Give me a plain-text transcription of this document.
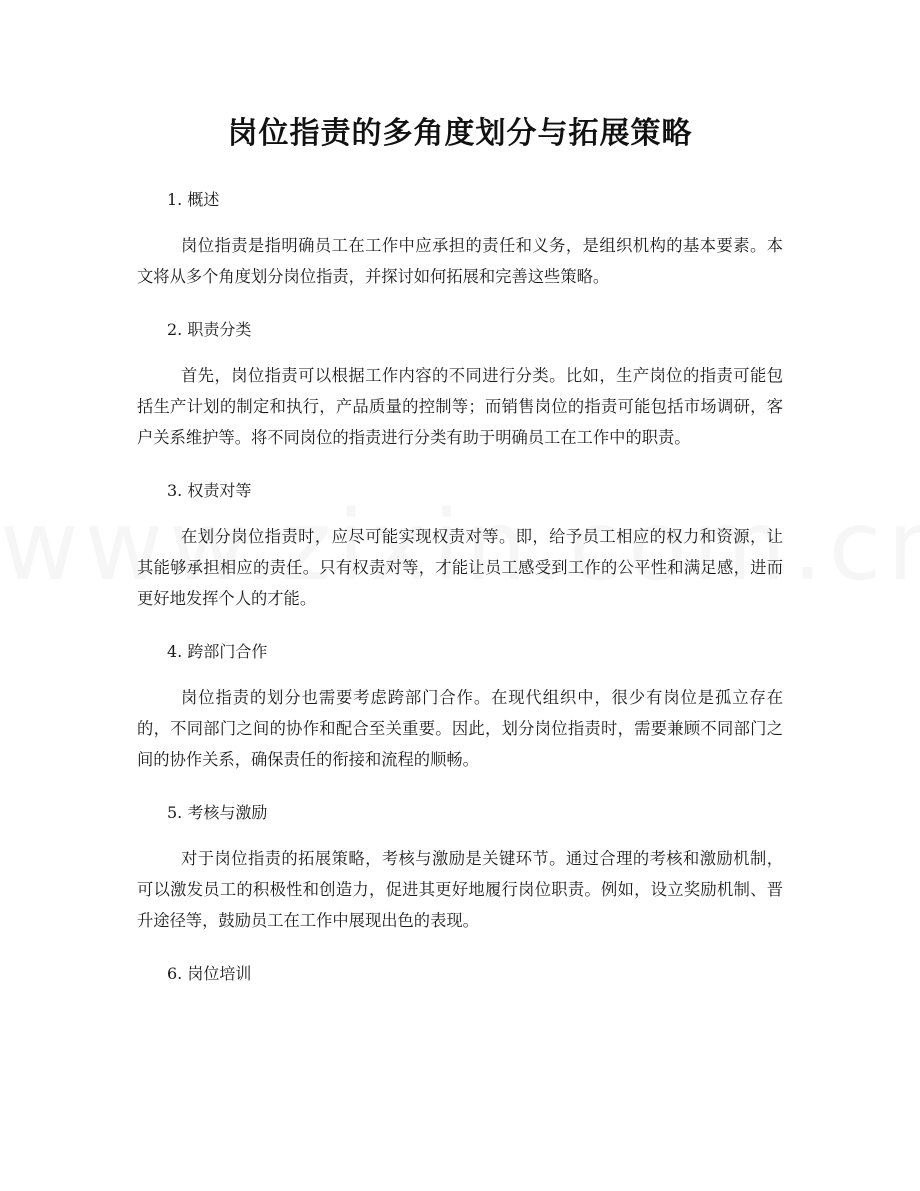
岗位指责的多角度划分与拓展策略
1. 概述

岗位指责是指明确员工在工作中应承担的责任和义务，是组织机构的基本要素。本文将从多个角度划分岗位指责，并探讨如何拓展和完善这些策略。

2. 职责分类

首先，岗位指责可以根据工作内容的不同进行分类。比如，生产岗位的指责可能包括生产计划的制定和执行，产品质量的控制等；而销售岗位的指责可能包括市场调研，客户关系维护等。将不同岗位的指责进行分类有助于明确员工在工作中的职责。

3. 权责对等

在划分岗位指责时，应尽可能实现权责对等。即，给予员工相应的权力和资源，让其能够承担相应的责任。只有权责对等，才能让员工感受到工作的公平性和满足感，进而更好地发挥个人的才能。

4. 跨部门合作

岗位指责的划分也需要考虑跨部门合作。在现代组织中，很少有岗位是孤立存在的，不同部门之间的协作和配合至关重要。因此，划分岗位指责时，需要兼顾不同部门之间的协作关系，确保责任的衔接和流程的顺畅。

5. 考核与激励

对于岗位指责的拓展策略，考核与激励是关键环节。通过合理的考核和激励机制，可以激发员工的积极性和创造力，促进其更好地履行岗位职责。例如，设立奖励机制、晋升途径等，鼓励员工在工作中展现出色的表现。

6. 岗位培训
